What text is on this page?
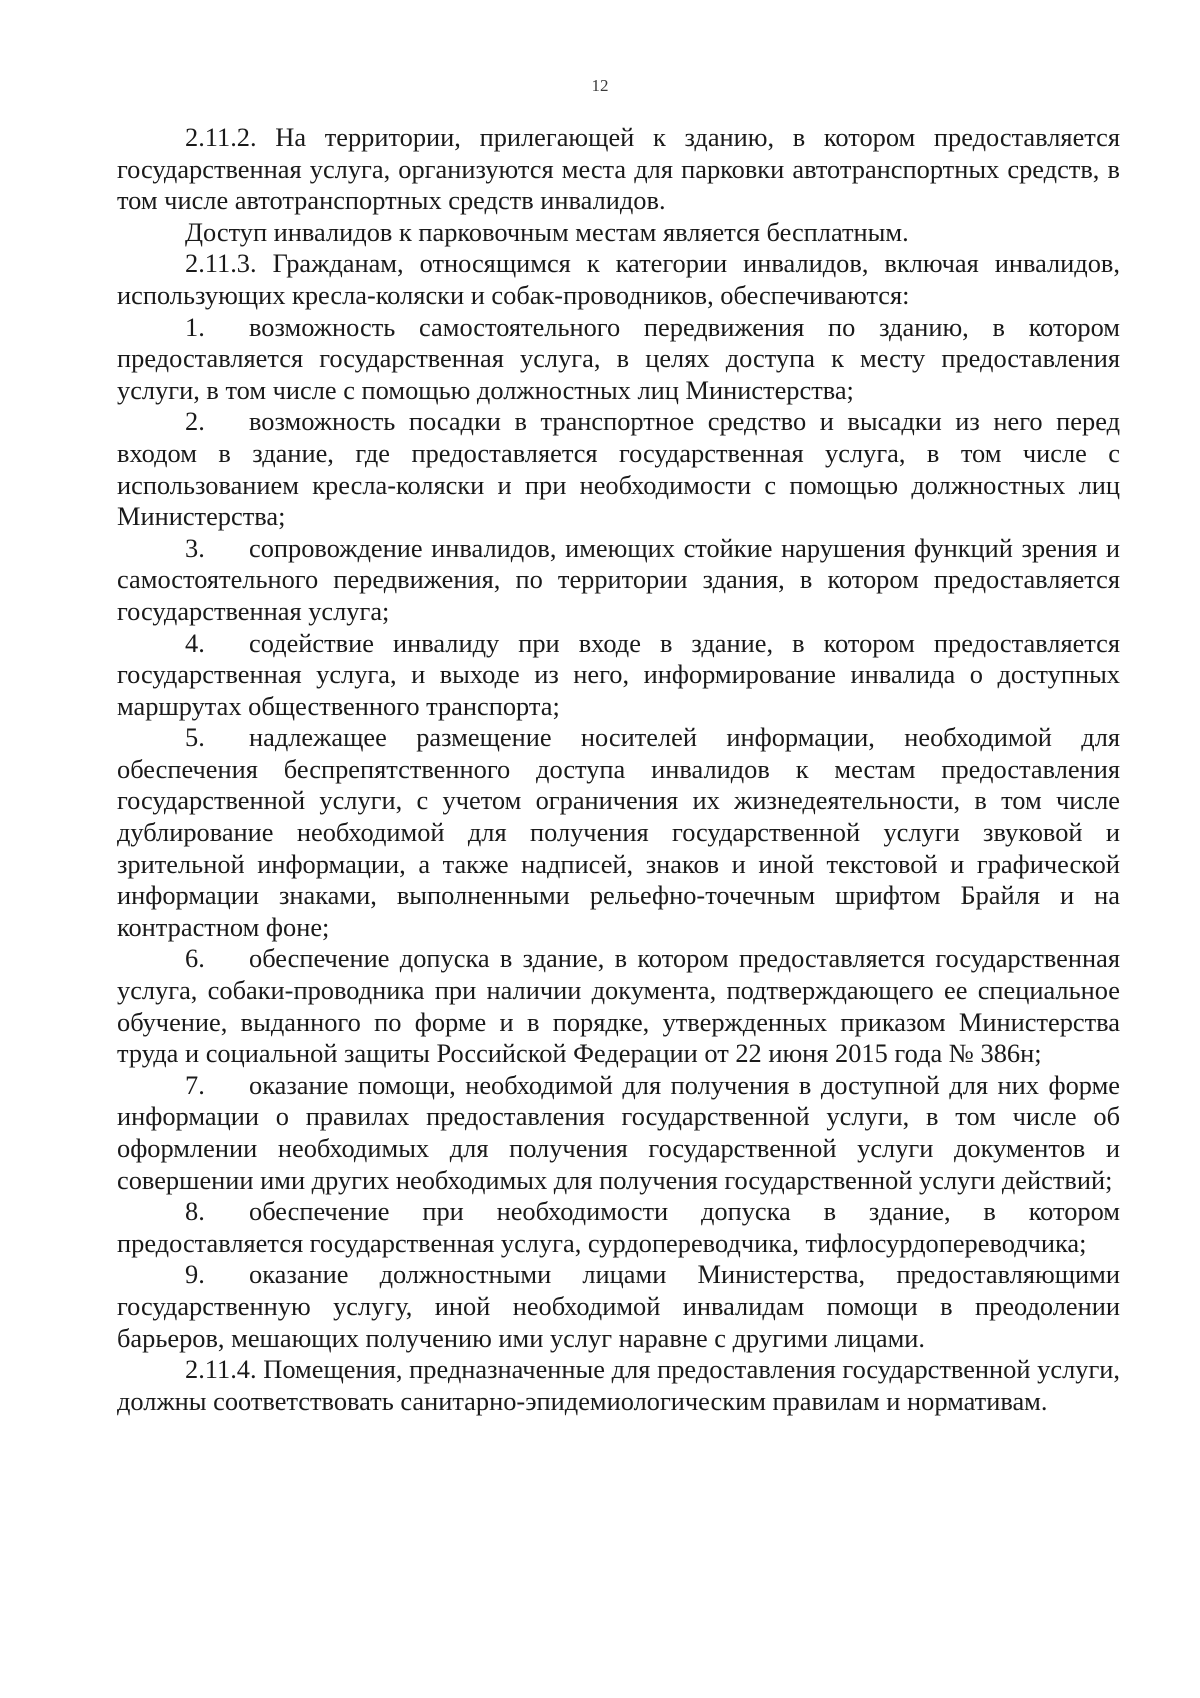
12

2.11.2. На территории, прилегающей к зданию, в котором предоставляется государственная услуга, организуются места для парковки автотранспортных средств, в том числе автотранспортных средств инвалидов.

Доступ инвалидов к парковочным местам является бесплатным.

2.11.3. Гражданам, относящимся к категории инвалидов, включая инвалидов, использующих кресла-коляски и собак-проводников, обеспечиваются:

1. возможность самостоятельного передвижения по зданию, в котором предоставляется государственная услуга, в целях доступа к месту предоставления услуги, в том числе с помощью должностных лиц Министерства;

2. возможность посадки в транспортное средство и высадки из него перед входом в здание, где предоставляется государственная услуга, в том числе с использованием кресла-коляски и при необходимости с помощью должностных лиц Министерства;

3. сопровождение инвалидов, имеющих стойкие нарушения функций зрения и самостоятельного передвижения, по территории здания, в котором предоставляется государственная услуга;

4. содействие инвалиду при входе в здание, в котором предоставляется государственная услуга, и выходе из него, информирование инвалида о доступных маршрутах общественного транспорта;

5. надлежащее размещение носителей информации, необходимой для обеспечения беспрепятственного доступа инвалидов к местам предоставления государственной услуги, с учетом ограничения их жизнедеятельности, в том числе дублирование необходимой для получения государственной услуги звуковой и зрительной информации, а также надписей, знаков и иной текстовой и графической информации знаками, выполненными рельефно-точечным шрифтом Брайля и на контрастном фоне;

6. обеспечение допуска в здание, в котором предоставляется государственная услуга, собаки-проводника при наличии документа, подтверждающего ее специальное обучение, выданного по форме и в порядке, утвержденных приказом Министерства труда и социальной защиты Российской Федерации от 22 июня 2015 года № 386н;

7. оказание помощи, необходимой для получения в доступной для них форме информации о правилах предоставления государственной услуги, в том числе об оформлении необходимых для получения государственной услуги документов и совершении ими других необходимых для получения государственной услуги действий;

8. обеспечение при необходимости допуска в здание, в котором предоставляется государственная услуга, сурдопереводчика, тифлосурдопереводчика;

9. оказание должностными лицами Министерства, предоставляющими государственную услугу, иной необходимой инвалидам помощи в преодолении барьеров, мешающих получению ими услуг наравне с другими лицами.

2.11.4. Помещения, предназначенные для предоставления государственной услуги, должны соответствовать санитарно-эпидемиологическим правилам и нормативам.
